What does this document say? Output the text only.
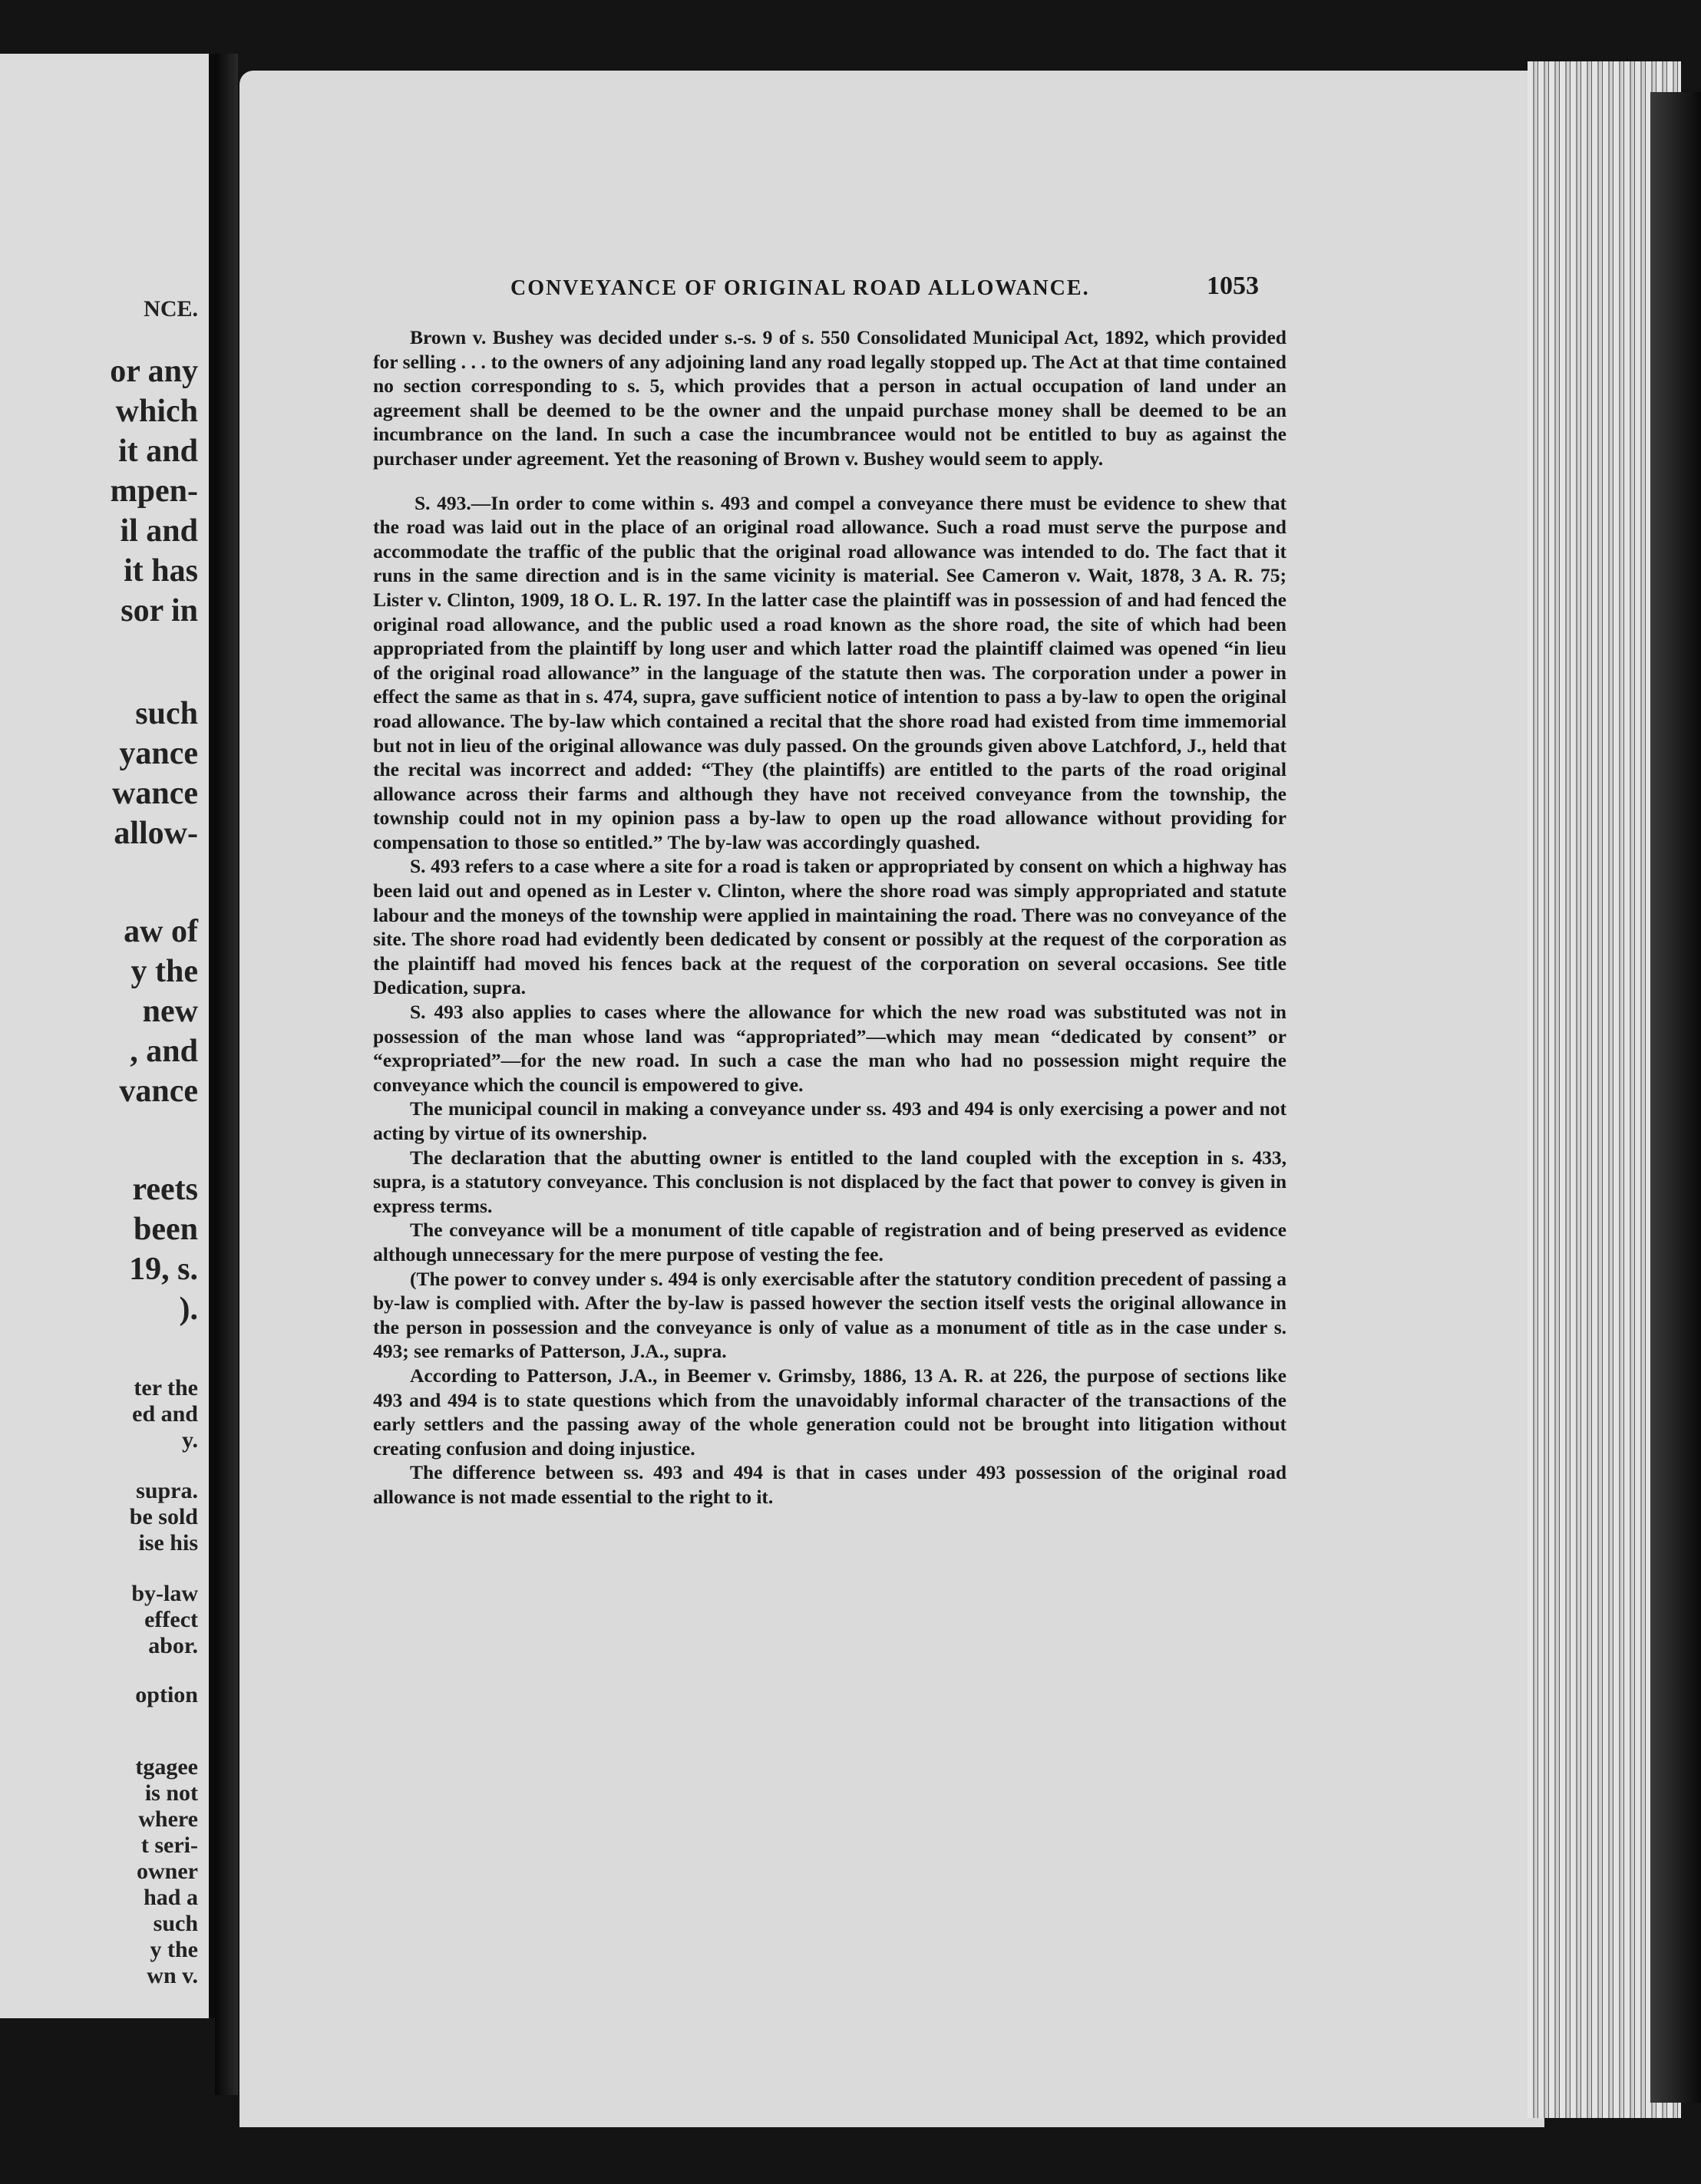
NCE.
or any
which
it and
mpen-
il and
it has
sor in
such
yance
wance
allow-
aw of
y the
new
, and
vance
reets
been
19, s.
).
ter the
ed and
y.
supra.
be sold
ise his
by-law
effect
abor.
option
tgagee
is not
where
t seri-
owner
had a
such
y the
wn v.
CONVEYANCE OF ORIGINAL ROAD ALLOWANCE.	1053

Brown v. Bushey was decided under s.-s. 9 of s. 550 Consolidated Municipal Act, 1892, which provided for selling . . . to the owners of any adjoining land any road legally stopped up. The Act at that time contained no section corresponding to s. 5, which provides that a person in actual occupation of land under an agreement shall be deemed to be the owner and the unpaid purchase money shall be deemed to be an incumbrance on the land. In such a case the incumbrancee would not be entitled to buy as against the purchaser under agreement. Yet the reasoning of Brown v. Bushey would seem to apply.

S. 493.—In order to come within s. 493 and compel a conveyance there must be evidence to shew that the road was laid out in the place of an original road allowance. Such a road must serve the purpose and accommodate the traffic of the public that the original road allowance was intended to do. The fact that it runs in the same direction and is in the same vicinity is material. See Cameron v. Wait, 1878, 3 A. R. 75; Lister v. Clinton, 1909, 18 O. L. R. 197. In the latter case the plaintiff was in possession of and had fenced the original road allowance, and the public used a road known as the shore road, the site of which had been appropriated from the plaintiff by long user and which latter road the plaintiff claimed was opened “in lieu of the original road allowance” in the language of the statute then was. The corporation under a power in effect the same as that in s. 474, supra, gave sufficient notice of intention to pass a by-law to open the original road allowance. The by-law which contained a recital that the shore road had existed from time immemorial but not in lieu of the original allowance was duly passed. On the grounds given above Latchford, J., held that the recital was incorrect and added: “They (the plaintiffs) are entitled to the parts of the road original allowance across their farms and although they have not received conveyance from the township, the township could not in my opinion pass a by-law to open up the road allowance without providing for compensation to those so entitled.” The by-law was accordingly quashed.

S. 493 refers to a case where a site for a road is taken or appropriated by consent on which a highway has been laid out and opened as in Lester v. Clinton, where the shore road was simply appropriated and statute labour and the moneys of the township were applied in maintaining the road. There was no conveyance of the site. The shore road had evidently been dedicated by consent or possibly at the request of the corporation as the plaintiff had moved his fences back at the request of the corporation on several occasions. See title Dedication, supra.

S. 493 also applies to cases where the allowance for which the new road was substituted was not in possession of the man whose land was “appropriated”—which may mean “dedicated by consent” or “expropriated”—for the new road. In such a case the man who had no possession might require the conveyance which the council is empowered to give.

The municipal council in making a conveyance under ss. 493 and 494 is only exercising a power and not acting by virtue of its ownership.

The declaration that the abutting owner is entitled to the land coupled with the exception in s. 433, supra, is a statutory conveyance. This conclusion is not displaced by the fact that power to convey is given in express terms.

The conveyance will be a monument of title capable of registration and of being preserved as evidence although unnecessary for the mere purpose of vesting the fee.

(The power to convey under s. 494 is only exercisable after the statutory condition precedent of passing a by-law is complied with. After the by-law is passed however the section itself vests the original allowance in the person in possession and the conveyance is only of value as a monument of title as in the case under s. 493; see remarks of Patterson, J.A., supra.

According to Patterson, J.A., in Beemer v. Grimsby, 1886, 13 A. R. at 226, the purpose of sections like 493 and 494 is to state questions which from the unavoidably informal character of the transactions of the early settlers and the passing away of the whole generation could not be brought into litigation without creating confusion and doing injustice.

The difference between ss. 493 and 494 is that in cases under 493 possession of the original road allowance is not made essential to the right to it.
